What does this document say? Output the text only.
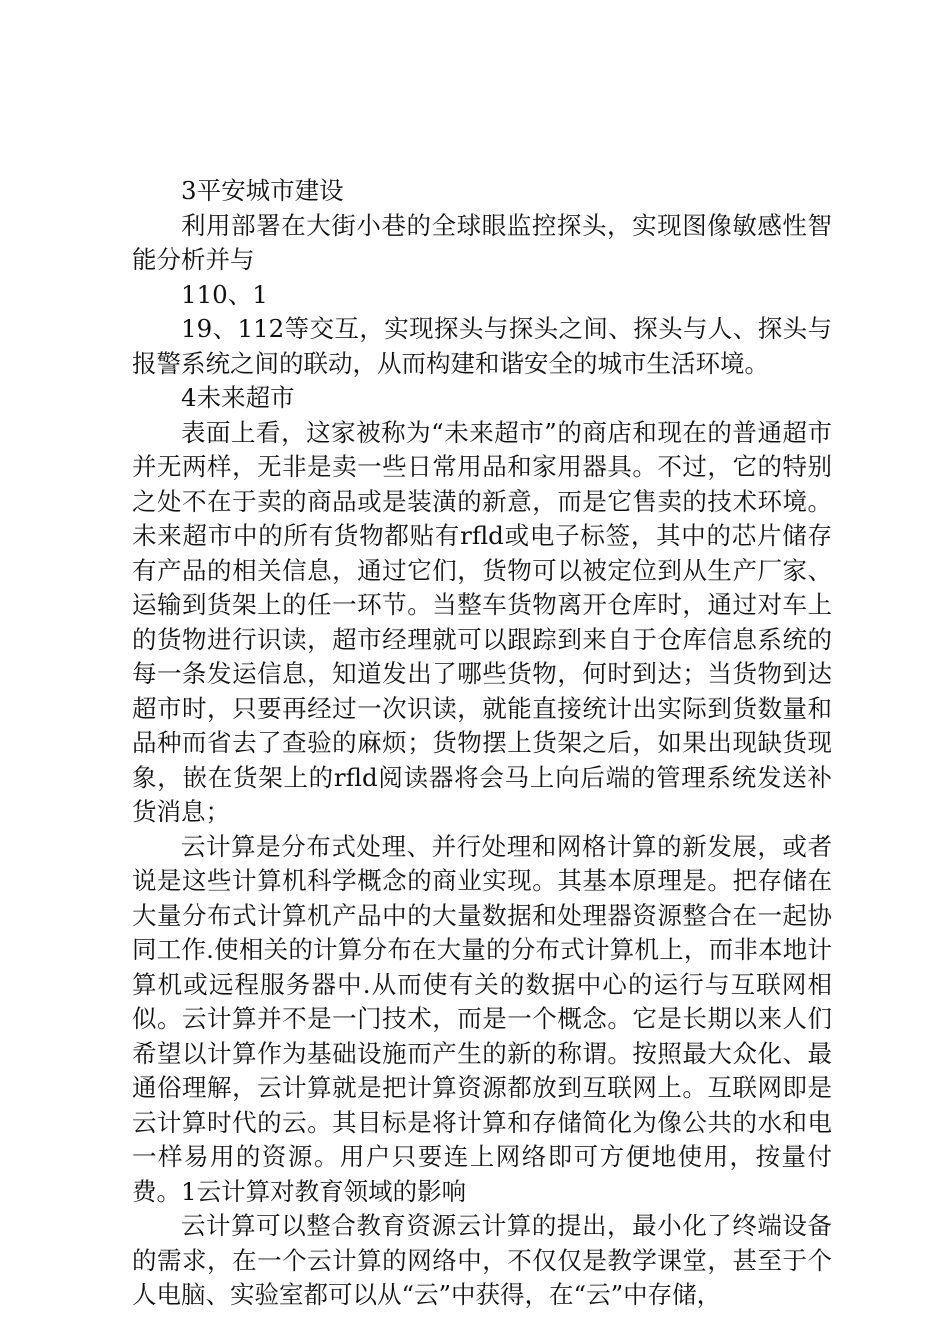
3平安城市建设

利用部署在大街小巷的全球眼监控探头，实现图像敏感性智能分析并与

110、1

19、112等交互，实现探头与探头之间、探头与人、探头与报警系统之间的联动，从而构建和谐安全的城市生活环境。

4未来超市

表面上看，这家被称为“未来超市”的商店和现在的普通超市并无两样，无非是卖一些日常用品和家用器具。不过，它的特别之处不在于卖的商品或是装潢的新意，而是它售卖的技术环境。未来超市中的所有货物都贴有rfld或电子标签，其中的芯片储存有产品的相关信息，通过它们，货物可以被定位到从生产厂家、运输到货架上的任一环节。当整车货物离开仓库时，通过对车上的货物进行识读，超市经理就可以跟踪到来自于仓库信息系统的每一条发运信息，知道发出了哪些货物，何时到达；当货物到达超市时，只要再经过一次识读，就能直接统计出实际到货数量和品种而省去了查验的麻烦；货物摆上货架之后，如果出现缺货现象，嵌在货架上的rfld阅读器将会马上向后端的管理系统发送补货消息；

云计算是分布式处理、并行处理和网格计算的新发展，或者说是这些计算机科学概念的商业实现。其基本原理是。把存储在大量分布式计算机产品中的大量数据和处理器资源整合在一起协同工作.使相关的计算分布在大量的分布式计算机上，而非本地计算机或远程服务器中.从而使有关的数据中心的运行与互联网相似。云计算并不是一门技术，而是一个概念。它是长期以来人们希望以计算作为基础设施而产生的新的称谓。按照最大众化、最通俗理解，云计算就是把计算资源都放到互联网上。互联网即是云计算时代的云。其目标是将计算和存储简化为像公共的水和电一样易用的资源。用户只要连上网络即可方便地使用，按量付费。1云计算对教育领域的影响

云计算可以整合教育资源云计算的提出，最小化了终端设备的需求，在一个云计算的网络中，不仅仅是教学课堂，甚至于个人电脑、实验室都可以从“云”中获得，在“云”中存储，
